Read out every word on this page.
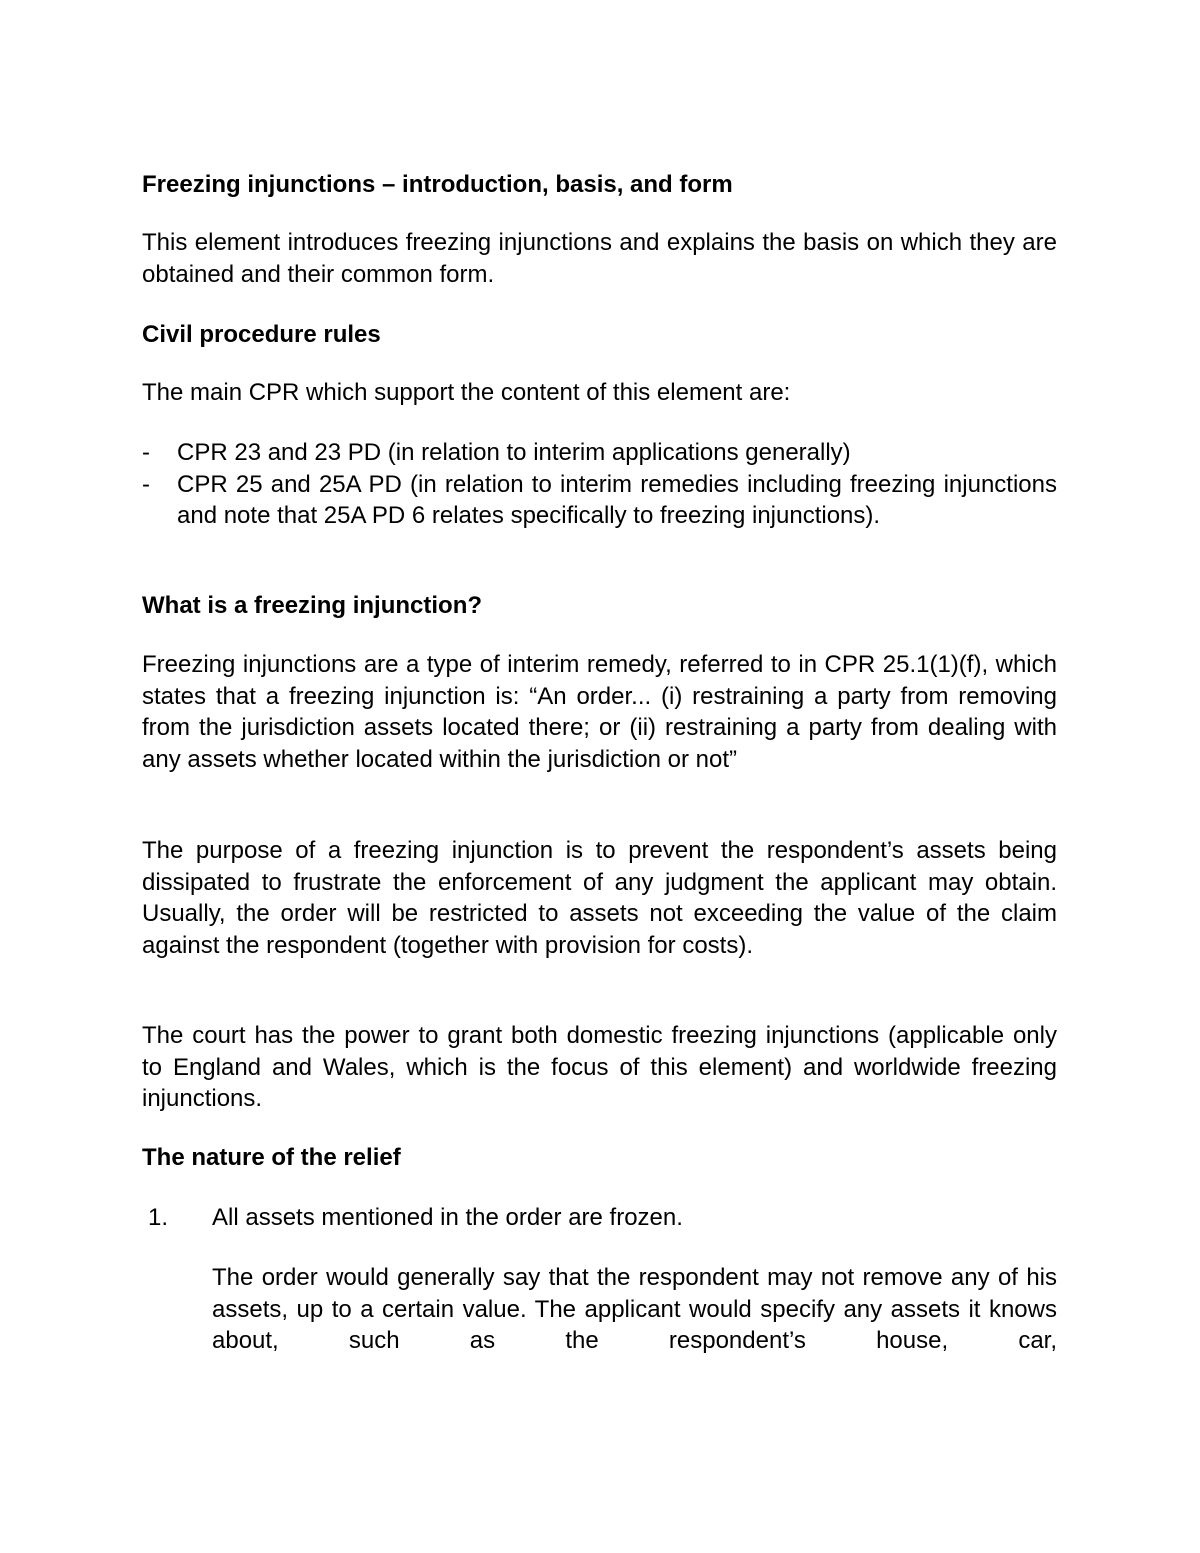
Freezing injunctions – introduction, basis, and form

This element introduces freezing injunctions and explains the basis on which they are obtained and their common form.

Civil procedure rules

The main CPR which support the content of this element are:

- CPR 23 and 23 PD (in relation to interim applications generally)
- CPR 25 and 25A PD (in relation to interim remedies including freezing injunctions and note that 25A PD 6 relates specifically to freezing injunctions).
What is a freezing injunction?

Freezing injunctions are a type of interim remedy, referred to in CPR 25.1(1)(f), which states that a freezing injunction is: “An order... (i) restraining a party from removing from the jurisdiction assets located there; or (ii) restraining a party from dealing with any assets whether located within the jurisdiction or not”

The purpose of a freezing injunction is to prevent the respondent’s assets being dissipated to frustrate the enforcement of any judgment the applicant may obtain. Usually, the order will be restricted to assets not exceeding the value of the claim against the respondent (together with provision for costs).

The court has the power to grant both domestic freezing injunctions (applicable only to England and Wales, which is the focus of this element) and worldwide freezing injunctions.

The nature of the relief
1.	All assets mentioned in the order are frozen.

The order would generally say that the respondent may not remove any of his assets, up to a certain value. The applicant would specify any assets it knows about, such as the respondent’s house, car,
